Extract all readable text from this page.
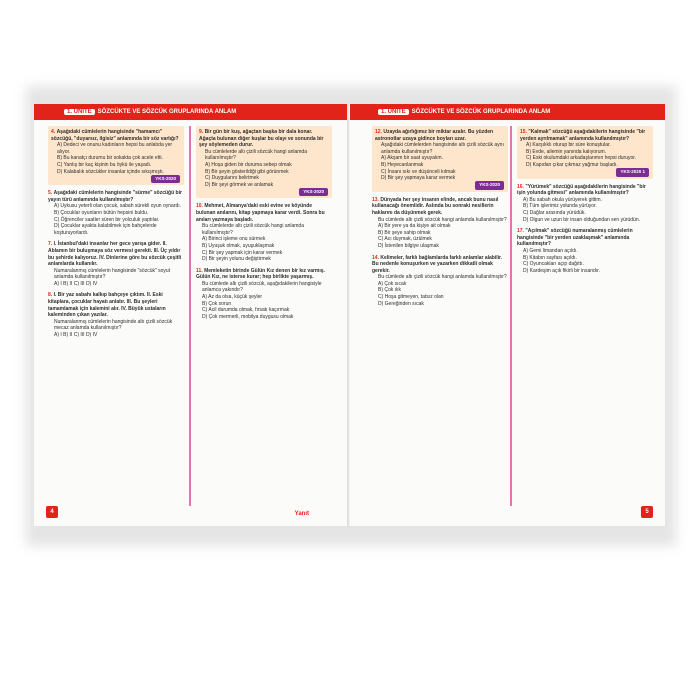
1. ÜNİTE	SÖZCÜKTE VE SÖZCÜK GRUPLARINDA ANLAM
4. Aşağıdaki cümlelerin hangisinde "hamamcı" sözcüğü, "duyarsız, ilgisiz" anlamında bir söz varlığı?
A) Dedeci ve onunu kadınların hepsi bu anlatıda yer alıyor.
B) Bu kanatçı durumu bir sokakta çok acele etti.
C) Yanlış bir kaç kişinin bu öykü ile yaşadı.
D) Kalabalık sözcükler insanlar içinde sıkışmıştı.
YKS-2020
5. Aşağıdaki cümlelerin hangisinde "sürme" sözcüğü bir yayın türü anlamında kullanılmıştır?
A) Uykusu yeterli olan çocuk, sabah sürekli oyun oynardı.
B) Çocuklar oyunların bütün hepsini buldu.
C) Öğrenciler saatler süren bir yolculuk yaptılar.
D) Çocuklar ayakta kalabilmek için bahçelerde koşturuyorlardı.
7. I. İstanbul'daki insanlar her gece yarışa gider. II. Ablamın bir buluşmaya söz vermesi gerekti. III. Üç yıldır bu şehirde kalıyoruz. IV. Dinlerine göre bu sözcük çeşitli anlamlarda kullanılır.
Numaralanmış cümlelerin hangisinde "sözcük" soyut anlamda kullanılmıştır?
A) I B) II C) III D) IV
8. I. Bir yaz sabahı kalkıp bahçeye çıktım. II. Eski kitaplara, çocuklar hayatı anlatır. III. Bu şeyleri tamamlamak için kalemini alır. IV. Büyük ustaların kaleminden çıkan yazılar.
Numaralanmış cümlelerin hangisinde altı çizili sözcük mecaz anlamda kullanılmıştır?
A) I B) II C) III D) IV
9. Bir gün bir kuş, ağaçtan başka bir dala konar. Ağaçta bulunan diğer kuşlar bu olayı ve sonunda bir şey söylemeden durur.
Bu cümlelerde altı çizili sözcük hangi anlamda kullanılmıştır?
A) Hoşa giden bir duruma sebep olmak
B) Bir şeyin gösterildiği gibi görünmek
C) Duygularını belirtmek
D) Bir şeyi görmek ve anlamak
YKS-2020
10. Mehmet, Almanya'daki eski evine ve köyünde bulunan anılarını, kitap yapmaya karar verdi. Sonra bu anıları yazmaya başladı.
Bu cümlelerde altı çizili sözcük hangi anlamda kullanılmıştır?
A) Birinci işleme onu sürmek
B) Uyuşuk olmak, uyuşuklaşmak
C) Bir şey yapmak için karar vermek
D) Bir şeyin yolunu değiştirmek
11. Memleketin birinde Gülün Kız denen bir kız varmış. Gülün Kız, ne isterse kurar; hep birlikte yaşarmış.
Bu cümlede altı çizili sözcük, aşağıdakilerin hangisiyle anlamca yakındır?
A) Az da olsa, küçük şeyler
B) Çok sorun
C) Acil durumda olmak, fırsatı kaçırmak
D) Çok mermerli, mobilya duygusu olmak
Yanıt
4
1. ÜNİTE	SÖZCÜKTE VE SÖZCÜK GRUPLARINDA ANLAM
12. Uzayda ağırlığımız bir miktar azalır. Bu yüzden astronotlar uzaya gidince boyları uzar.
Aşağıdaki cümlelerden hangisinde altı çizili sözcük aynı anlamda kullanılmıştır?
A) Akşam bir saat uyuyalım.
B) Heyecanlanmak
C) İnsanı sıkı ve düşünceli kılmak
D) Bir şey yapmaya karar vermek
YKS-2020
13. Dünyada her şey insanın elinde, ancak bunu nasıl kullanacağı önemlidir. Aslında bu sonraki nesillerin haklarını da düşünmek gerek.
Bu cümlede altı çizili sözcük hangi anlamda kullanılmıştır?
A) Bir yere ya da kişiye ait olmak
B) Bir şeye sahip olmak
C) Acı duymak, üzülmek
D) İstenilen bilgiye ulaşmak
14. Kelimeler, farklı bağlamlarda farklı anlamlar alabilir. Bu nedenle konuşurken ve yazarken dikkatli olmak gerekir.
Bu cümlede altı çizili sözcük hangi anlamda kullanılmıştır?
A) Çok sıcak
B) Çok ılık
C) Hoşa gitmeyen, tatsız olan
D) Gereğinden sıcak
15. "Kalmak" sözcüğü aşağıdakilerin hangisinde "bir yerden ayrılmamak" anlamında kullanılmıştır?
A) Karşılıklı oturup bir süre konuştular.
B) Evde, ailemin yanında kalıyorum.
C) Eski okulumdaki arkadaşlarımın hepsi duruyor.
D) Kapıdan çıkar çıkmaz yağmur başladı.
YKS-2020 1
16. "Yürümek" sözcüğü aşağıdakilerin hangisinde "bir işin yolunda gitmesi" anlamında kullanılmıştır?
A) Bu sabah okula yürüyerek gittim.
B) Tüm işlerimiz yolunda yürüyor.
C) Dağlar arasında yürüdük.
D) Olgun ve uzun bir insan olduğundan sen yürüdün.
17. "Açılmak" sözcüğü numaralanmış cümlelerin hangisinde "bir yerden uzaklaşmak" anlamında kullanılmıştır?
A) Gemi limandan açıldı.
B) Kitabın sayfası açıldı.
C) Oyuncakları açıp dağıttı.
D) Kardeşim açık fikirli bir insandır.
5
